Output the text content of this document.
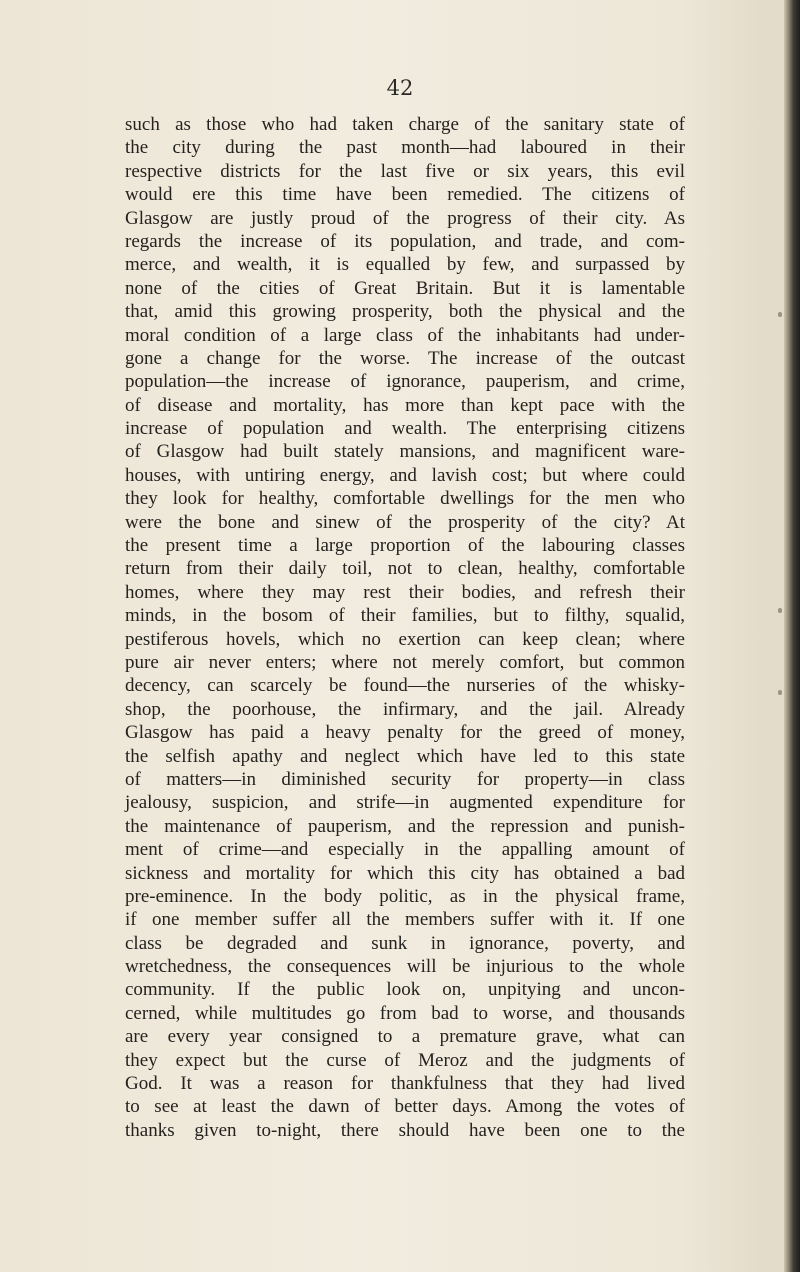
42
such as those who had taken charge of the sanitary state of
the city during the past month—had laboured in their
respective districts for the last five or six years, this evil
would ere this time have been remedied. The citizens of
Glasgow are justly proud of the progress of their city. As
regards the increase of its population, and trade, and com-
merce, and wealth, it is equalled by few, and surpassed by
none of the cities of Great Britain. But it is lamentable
that, amid this growing prosperity, both the physical and the
moral condition of a large class of the inhabitants had under-
gone a change for the worse. The increase of the outcast
population—the increase of ignorance, pauperism, and crime,
of disease and mortality, has more than kept pace with the
increase of population and wealth. The enterprising citizens
of Glasgow had built stately mansions, and magnificent ware-
houses, with untiring energy, and lavish cost; but where could
they look for healthy, comfortable dwellings for the men who
were the bone and sinew of the prosperity of the city? At
the present time a large proportion of the labouring classes
return from their daily toil, not to clean, healthy, comfortable
homes, where they may rest their bodies, and refresh their
minds, in the bosom of their families, but to filthy, squalid,
pestiferous hovels, which no exertion can keep clean; where
pure air never enters; where not merely comfort, but common
decency, can scarcely be found—the nurseries of the whisky-
shop, the poorhouse, the infirmary, and the jail. Already
Glasgow has paid a heavy penalty for the greed of money,
the selfish apathy and neglect which have led to this state
of matters—in diminished security for property—in class
jealousy, suspicion, and strife—in augmented expenditure for
the maintenance of pauperism, and the repression and punish-
ment of crime—and especially in the appalling amount of
sickness and mortality for which this city has obtained a bad
pre-eminence. In the body politic, as in the physical frame,
if one member suffer all the members suffer with it. If one
class be degraded and sunk in ignorance, poverty, and
wretchedness, the consequences will be injurious to the whole
community. If the public look on, unpitying and uncon-
cerned, while multitudes go from bad to worse, and thousands
are every year consigned to a premature grave, what can
they expect but the curse of Meroz and the judgments of
God. It was a reason for thankfulness that they had lived
to see at least the dawn of better days. Among the votes of
thanks given to-night, there should have been one to the
